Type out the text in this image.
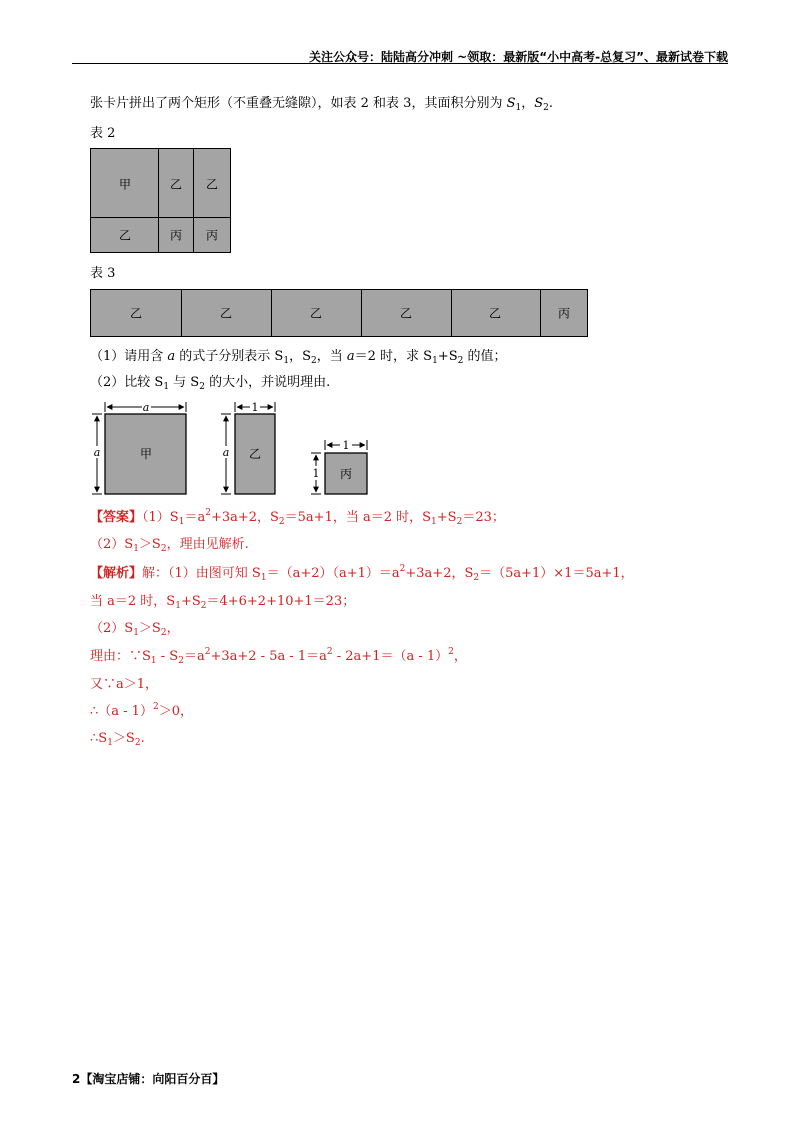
关注公众号：陆陆高分冲刺 ~领取：最新版“小中高考-总复习”、最新试卷下载
张卡片拼出了两个矩形（不重叠无缝隙），如表 2 和表 3，其面积分别为 $S_1$，$S_2$.
表 2
甲	乙 乙
乙	丙 丙
表 3
乙	乙	乙	乙	乙	丙
（1）请用含 a 的式子分别表示 $S_1$，$S_2$，当 a＝2 时，求 $S_1+S_2$ 的值；
（2）比较 $S_1$ 与 $S_2$ 的大小，并说明理由.
a
a	甲
1
a 乙
1
1 丙
【答案】$(1)S_1=a^2+3a+2$，$S_2=5a+1$，当 a＝2 时，$S_1+S_2=23$；
$(2)S_1>S_2$，理由见解析.
【解析】解：（1）由图可知 $S_1=(a+2)(a+1)=a^2+3a+2$，$S_2=(5a+1)\times 1=5a+1$，
当 a＝2 时，$S_1+S_2=4+6+2+10+1=23$；
$(2)S_1>S_2$，
理由：$\because S_1 - S_2=a^2+3a+2 - 5a - 1=a^2 - 2a+1=(a - 1)^2$，
又∵a＞1，
∴（a - 1）$^2$＞0，
$\therefore S_1>S_2$.
2【淘宝店铺：向阳百分百】
